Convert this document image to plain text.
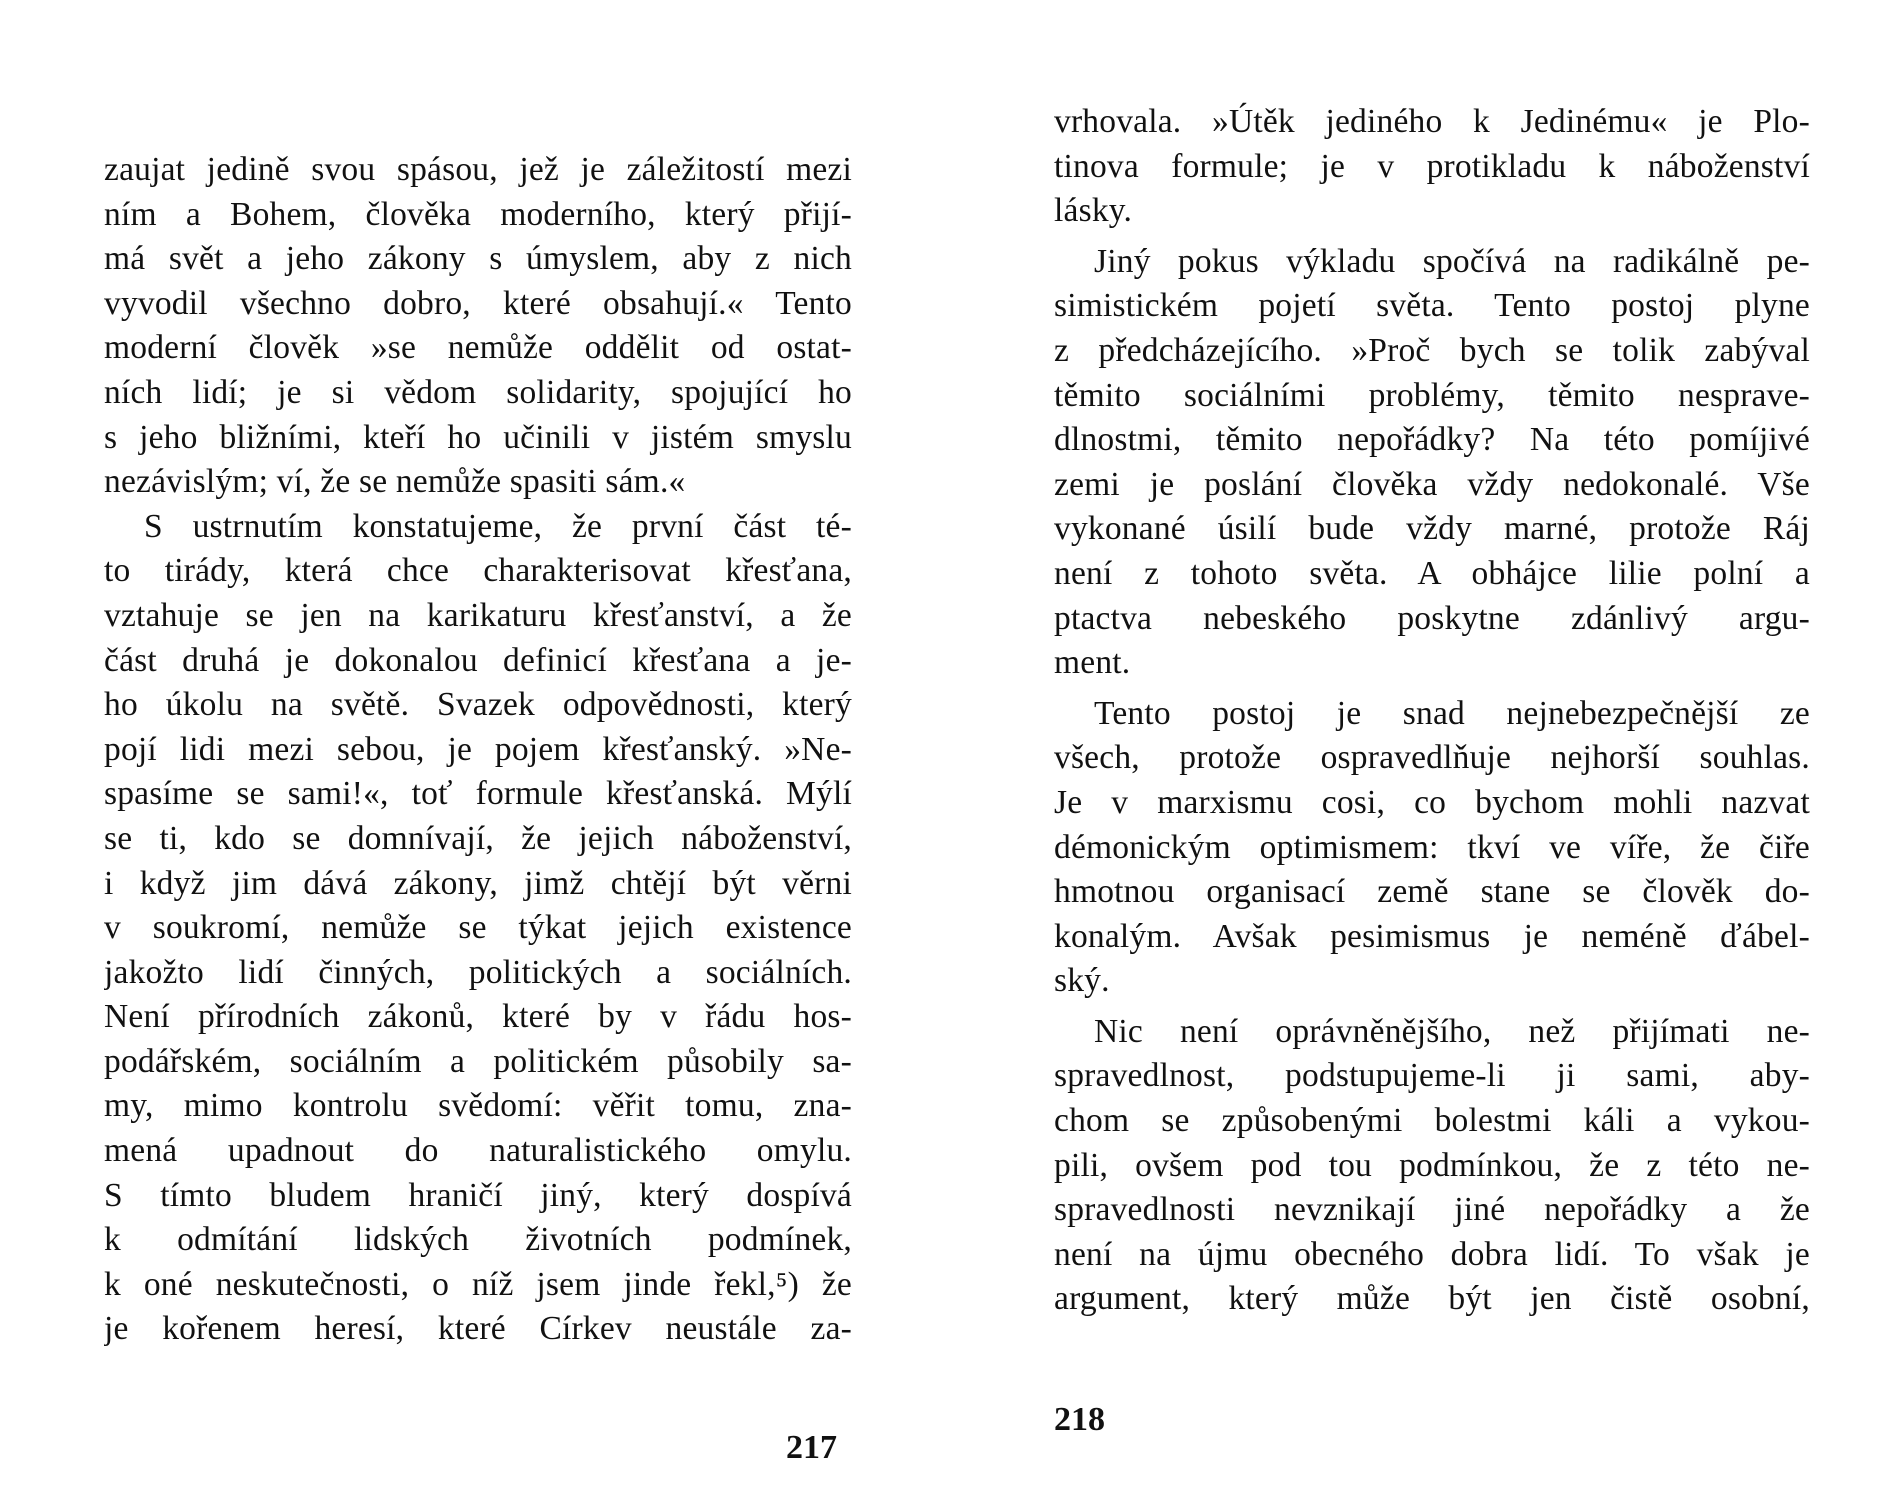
zaujat jedině svou spásou, jež je záležitostí mezi
ním a Bohem, člověka moderního, který přijí-
má svět a jeho zákony s úmyslem, aby z nich
vyvodil všechno dobro, které obsahují.« Tento
moderní člověk »se nemůže oddělit od ostat-
ních lidí; je si vědom solidarity, spojující ho
s jeho bližními, kteří ho učinili v jistém smyslu
nezávislým; ví, že se nemůže spasiti sám.«
S ustrnutím konstatujeme, že první část té-
to tirády, která chce charakterisovat křesťana,
vztahuje se jen na karikaturu křesťanství, a že
část druhá je dokonalou definicí křesťana a je-
ho úkolu na světě. Svazek odpovědnosti, který
pojí lidi mezi sebou, je pojem křesťanský. »Ne-
spasíme se sami!«, toť formule křesťanská. Mýlí
se ti, kdo se domnívají, že jejich náboženství,
i když jim dává zákony, jimž chtějí být věrni
v soukromí, nemůže se týkat jejich existence
jakožto lidí činných, politických a sociálních.
Není přírodních zákonů, které by v řádu hos-
podářském, sociálním a politickém působily sa-
my, mimo kontrolu svědomí: věřit tomu, zna-
mená upadnout do naturalistického omylu.
S tímto bludem hraničí jiný, který dospívá
k odmítání lidských životních podmínek,
k oné neskutečnosti, o níž jsem jinde řekl,⁵) že
je kořenem heresí, které Církev neustále za-
217
vrhovala. »Útěk jediného k Jedinému« je Plo-
tinova formule; je v protikladu k náboženství
lásky.
Jiný pokus výkladu spočívá na radikálně pe-
simistickém pojetí světa. Tento postoj plyne
z předcházejícího. »Proč bych se tolik zabýval
těmito sociálními problémy, těmito nesprave-
dlnostmi, těmito nepořádky? Na této pomíjivé
zemi je poslání člověka vždy nedokonalé. Vše
vykonané úsilí bude vždy marné, protože Ráj
není z tohoto světa. A obhájce lilie polní a
ptactva nebeského poskytne zdánlivý argu-
ment.
Tento postoj je snad nejnebezpečnější ze
všech, protože ospravedlňuje nejhorší souhlas.
Je v marxismu cosi, co bychom mohli nazvat
démonickým optimismem: tkví ve víře, že čiře
hmotnou organisací země stane se člověk do-
konalým. Avšak pesimismus je neméně ďábel-
ský.
Nic není oprávněnějšího, než přijímati ne-
spravedlnost, podstupujeme-li ji sami, aby-
chom se způsobenými bolestmi káli a vykou-
pili, ovšem pod tou podmínkou, že z této ne-
spravedlnosti nevznikají jiné nepořádky a že
není na újmu obecného dobra lidí. To však je
argument, který může být jen čistě osobní,
218
